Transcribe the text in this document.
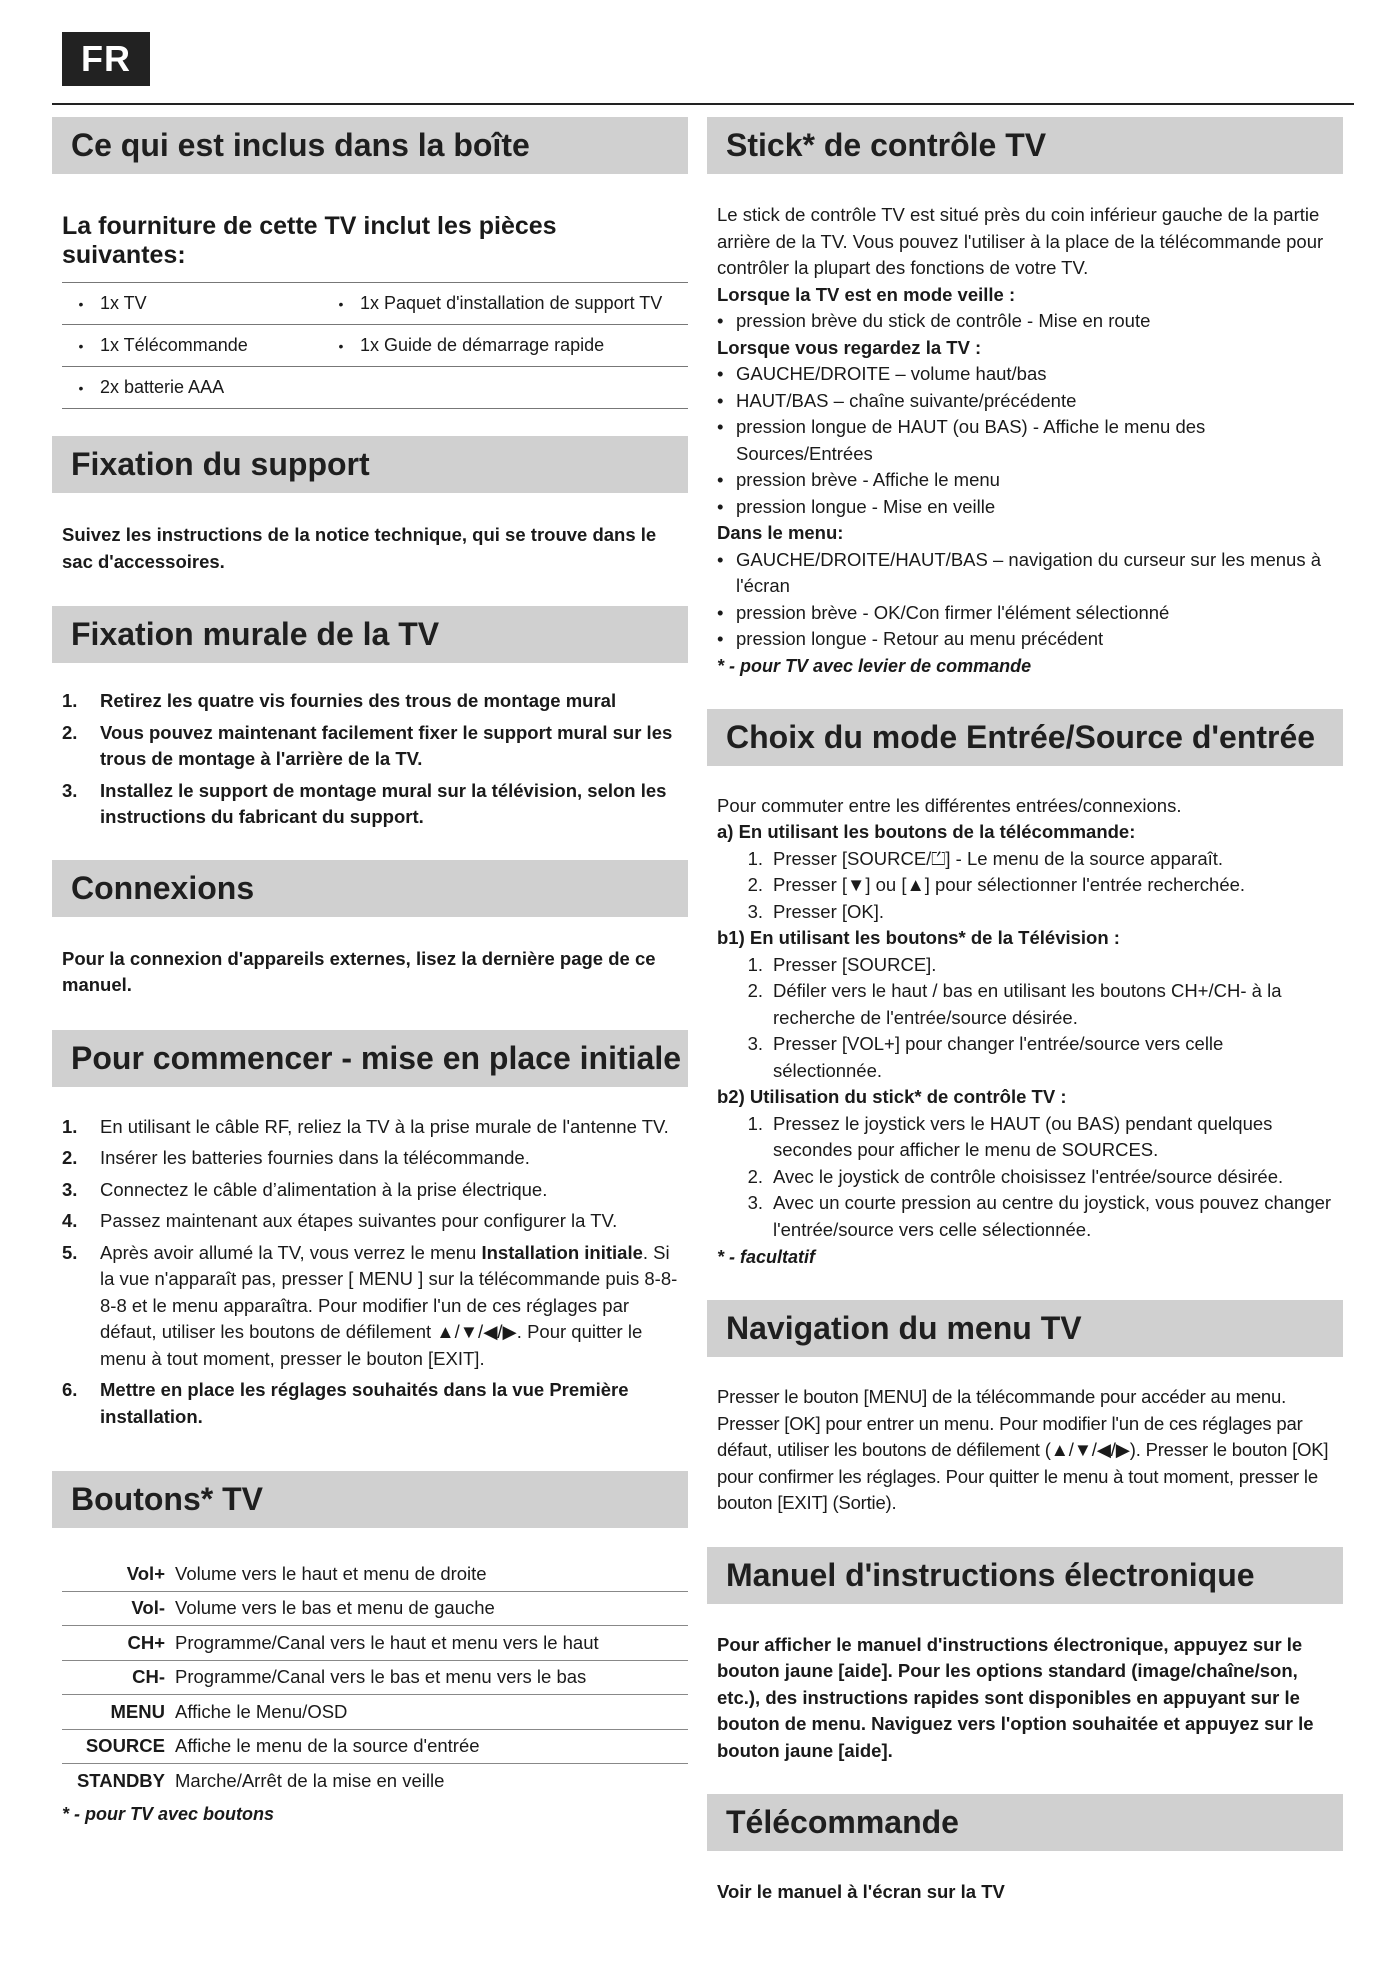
FR
Ce qui est inclus dans la boîte
La fourniture de cette TV inclut les pièces suivantes:
• 1x TV	• 1x Paquet d'installation de support TV
• 1x Télécommande	• 1x Guide de démarrage rapide
• 2x batterie AAA
Fixation du support

Suivez les instructions de la notice technique, qui se trouve dans le sac d'accessoires.

Fixation murale de la TV
1.	Retirez les quatre vis fournies des trous de montage mural
2.	Vous pouvez maintenant facilement fixer le support mural sur les trous de montage à l'arrière de la TV.
3.	Installez le support de montage mural sur la télévision, selon les instructions du fabricant du support.
Connexions

Pour la connexion d'appareils externes, lisez la dernière page de ce manuel.

Pour commencer - mise en place initiale
1.	En utilisant le câble RF, reliez la TV à la prise murale de l'antenne TV.
2.	Insérer les batteries fournies dans la télécommande.
3.	Connectez le câble d’alimentation à la prise électrique.
4.	Passez maintenant aux étapes suivantes pour configurer la TV.
5.	Après avoir allumé la TV, vous verrez le menu Installation initiale. Si la vue n'apparaît pas, presser [ MENU ] sur la télécommande puis 8-8-8-8 et le menu apparaîtra. Pour modifier l'un de ces réglages par défaut, utiliser les boutons de défilement ▲/▼/◀/▶. Pour quitter le menu à tout moment, presser le bouton [EXIT].
6.	Mettre en place les réglages souhaités dans la vue Première installation.
Boutons* TV
Vol+ Volume vers le haut et menu de droite
Vol- Volume vers le bas et menu de gauche
CH+ Programme/Canal vers le haut et menu vers le haut
CH- Programme/Canal vers le bas et menu vers le bas
MENU Affiche le Menu/OSD
SOURCE Affiche le menu de la source d'entrée
STANDBY Marche/Arrêt de la mise en veille

* - pour TV avec boutons

Stick* de contrôle TV

Le stick de contrôle TV est situé près du coin inférieur gauche de la partie arrière de la TV. Vous pouvez l'utiliser à la place de la télécommande pour contrôler la plupart des fonctions de votre TV.

Lorsque la TV est en mode veille :

• pression brève du stick de contrôle - Mise en route

Lorsque vous regardez la TV :

• GAUCHE/DROITE – volume haut/bas
• HAUT/BAS – chaîne suivante/précédente
• pression longue de HAUT (ou BAS) - Affiche le menu des Sources/Entrées
• pression brève - Affiche le menu
• pression longue - Mise en veille

Dans le menu:

• GAUCHE/DROITE/HAUT/BAS – navigation du curseur sur les menus à l'écran
• pression brève - OK/Con firmer l'élément sélectionné
• pression longue - Retour au menu précédent

* - pour TV avec levier de commande

Choix du mode Entrée/Source d'entrée

Pour commuter entre les différentes entrées/connexions.

a) En utilisant les boutons de la télécommande:

1. Presser [SOURCE/⏍] - Le menu de la source apparaît.
2. Presser [▼] ou [▲] pour sélectionner l'entrée recherchée.
3. Presser [OK].

b1) En utilisant les boutons* de la Télévision :

1. Presser [SOURCE].
2. Défiler vers le haut / bas en utilisant les boutons CH+/CH- à la recherche de l'entrée/source désirée.
3. Presser [VOL+] pour changer l'entrée/source vers celle sélectionnée.

b2) Utilisation du stick* de contrôle TV :

1. Pressez le joystick vers le HAUT (ou BAS) pendant quelques secondes pour afficher le menu de SOURCES.
2. Avec le joystick de contrôle choisissez l'entrée/source désirée.
3. Avec un courte pression au centre du joystick, vous pouvez changer l'entrée/source vers celle sélectionnée.

* - facultatif

Navigation du menu TV

Presser le bouton [MENU] de la télécommande pour accéder au menu. Presser [OK] pour entrer un menu. Pour modifier l'un de ces réglages par défaut, utiliser les boutons de défilement (▲/▼/◀/▶). Presser le bouton [OK] pour confirmer les réglages. Pour quitter le menu à tout moment, presser le bouton [EXIT] (Sortie).

Manuel d'instructions électronique

Pour afficher le manuel d'instructions électronique, appuyez sur le bouton jaune [aide]. Pour les options standard (image/chaîne/son, etc.), des instructions rapides sont disponibles en appuyant sur le bouton de menu. Naviguez vers l'option souhaitée et appuyez sur le bouton jaune [aide].

Télécommande

Voir le manuel à l'écran sur la TV
